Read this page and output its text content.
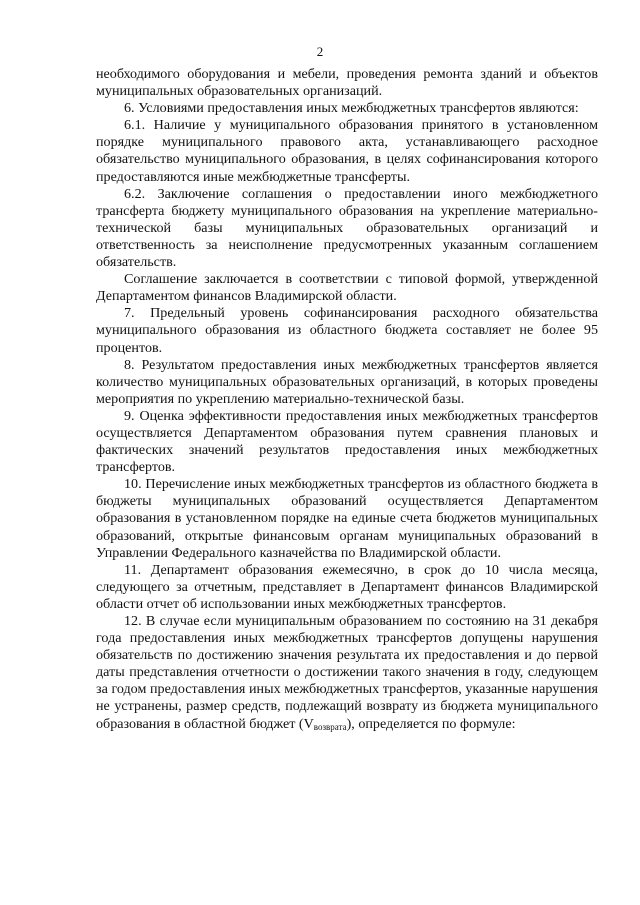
2

необходимого оборудования и мебели, проведения ремонта зданий и объектов муниципальных образовательных организаций.

6. Условиями предоставления иных межбюджетных трансфертов являются:

6.1. Наличие у муниципального образования принятого в установленном порядке муниципального правового акта, устанавливающего расходное обязательство муниципального образования, в целях софинансирования которого предоставляются иные межбюджетные трансферты.

6.2. Заключение соглашения о предоставлении иного межбюджетного трансферта бюджету муниципального образования на укрепление материально-технической базы муниципальных образовательных организаций и ответственность за неисполнение предусмотренных указанным соглашением обязательств.

Соглашение заключается в соответствии с типовой формой, утвержденной Департаментом финансов Владимирской области.

7. Предельный уровень софинансирования расходного обязательства муниципального образования из областного бюджета составляет не более 95 процентов.

8. Результатом предоставления иных межбюджетных трансфертов является количество муниципальных образовательных организаций, в которых проведены мероприятия по укреплению материально-технической базы.

9. Оценка эффективности предоставления иных межбюджетных трансфертов осуществляется Департаментом образования путем сравнения плановых и фактических значений результатов предоставления иных межбюджетных трансфертов.

10. Перечисление иных межбюджетных трансфертов из областного бюджета в бюджеты муниципальных образований осуществляется Департаментом образования в установленном порядке на единые счета бюджетов муниципальных образований, открытые финансовым органам муниципальных образований в Управлении Федерального казначейства по Владимирской области.

11. Департамент образования ежемесячно, в срок до 10 числа месяца, следующего за отчетным, представляет в Департамент финансов Владимирской области отчет об использовании иных межбюджетных трансфертов.

12. В случае если муниципальным образованием по состоянию на 31 декабря года предоставления иных межбюджетных трансфертов допущены нарушения обязательств по достижению значения результата их предоставления и до первой даты представления отчетности о достижении такого значения в году, следующем за годом предоставления иных межбюджетных трансфертов, указанные нарушения не устранены, размер средств, подлежащий возврату из бюджета муниципального образования в областной бюджет $(V_{возврата})$, определяется по формуле:
